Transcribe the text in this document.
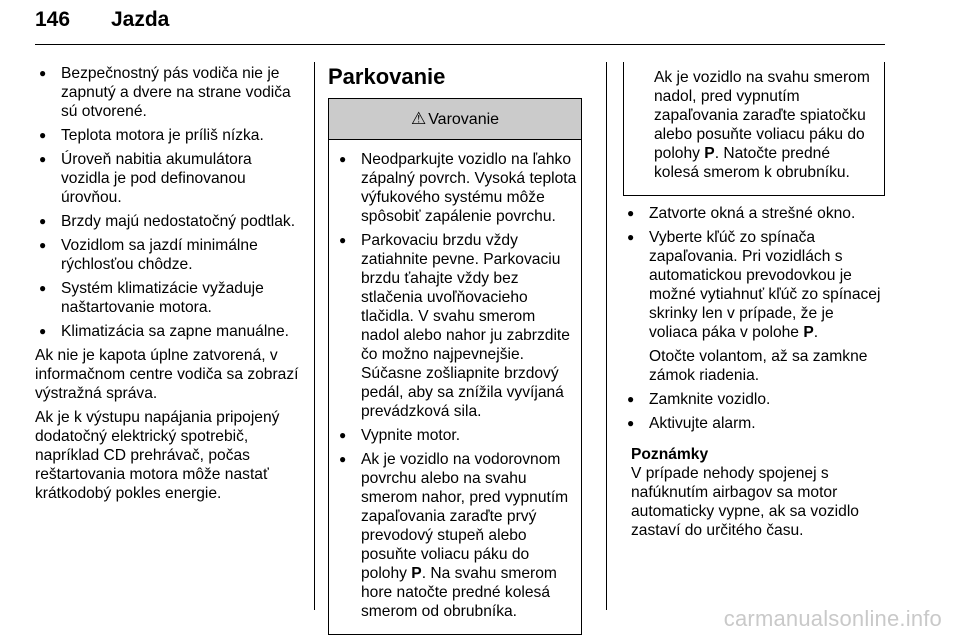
146 Jazda
● Bezpečnostný pás vodiča nie je zapnutý a dvere na strane vodiča sú otvorené.
● Teplota motora je príliš nízka.
● Úroveň nabitia akumulátora vozidla je pod definovanou úrovňou.
● Brzdy majú nedostatočný podtlak.
● Vozidlom sa jazdí minimálne rýchlosťou chôdze.
● Systém klimatizácie vyžaduje naštartovanie motora.
● Klimatizácia sa zapne manuálne.

Ak nie je kapota úplne zatvorená, v informačnom centre vodiča sa zobrazí výstražná správa.

Ak je k výstupu napájania pripojený dodatočný elektrický spotrebič, napríklad CD prehrávač, počas reštartovania motora môže nastať krátkodobý pokles energie.

Parkovanie
⚠ Varovanie
● Neodparkujte vozidlo na ľahko zápalný povrch. Vysoká teplota výfukového systému môže spôsobiť zapálenie povrchu.
● Parkovaciu brzdu vždy zatiahnite pevne. Parkovaciu brzdu ťahajte vždy bez stlačenia uvoľňovacieho tlačidla. V svahu smerom nadol alebo nahor ju zabrzdite čo možno najpevnejšie. Súčasne zošliapnite brzdový pedál, aby sa znížila vyvíjaná prevádzková sila.
● Vypnite motor.
● Ak je vozidlo na vodorovnom povrchu alebo na svahu smerom nahor, pred vypnutím zapaľovania zaraďte prvý prevodový stupeň alebo posuňte voliacu páku do polohy P. Na svahu smerom hore natočte predné kolesá smerom od obrubníka.

Ak je vozidlo na svahu smerom nadol, pred vypnutím zapaľovania zaraďte spiatočku alebo posuňte voliacu páku do polohy P. Natočte predné kolesá smerom k obrubníku.

● Zatvorte okná a strešné okno.
● Vyberte kľúč zo spínača zapaľovania. Pri vozidlách s automatickou prevodovkou je možné vytiahnuť kľúč zo spínacej skrinky len v prípade, že je voliaca páka v polohe P.
Otočte volantom, až sa zamkne zámok riadenia.
● Zamknite vozidlo.
● Aktivujte alarm.
Poznámky
V prípade nehody spojenej s nafúknutím airbagov sa motor automaticky vypne, ak sa vozidlo zastaví do určitého času.
carmanualsonline.info
